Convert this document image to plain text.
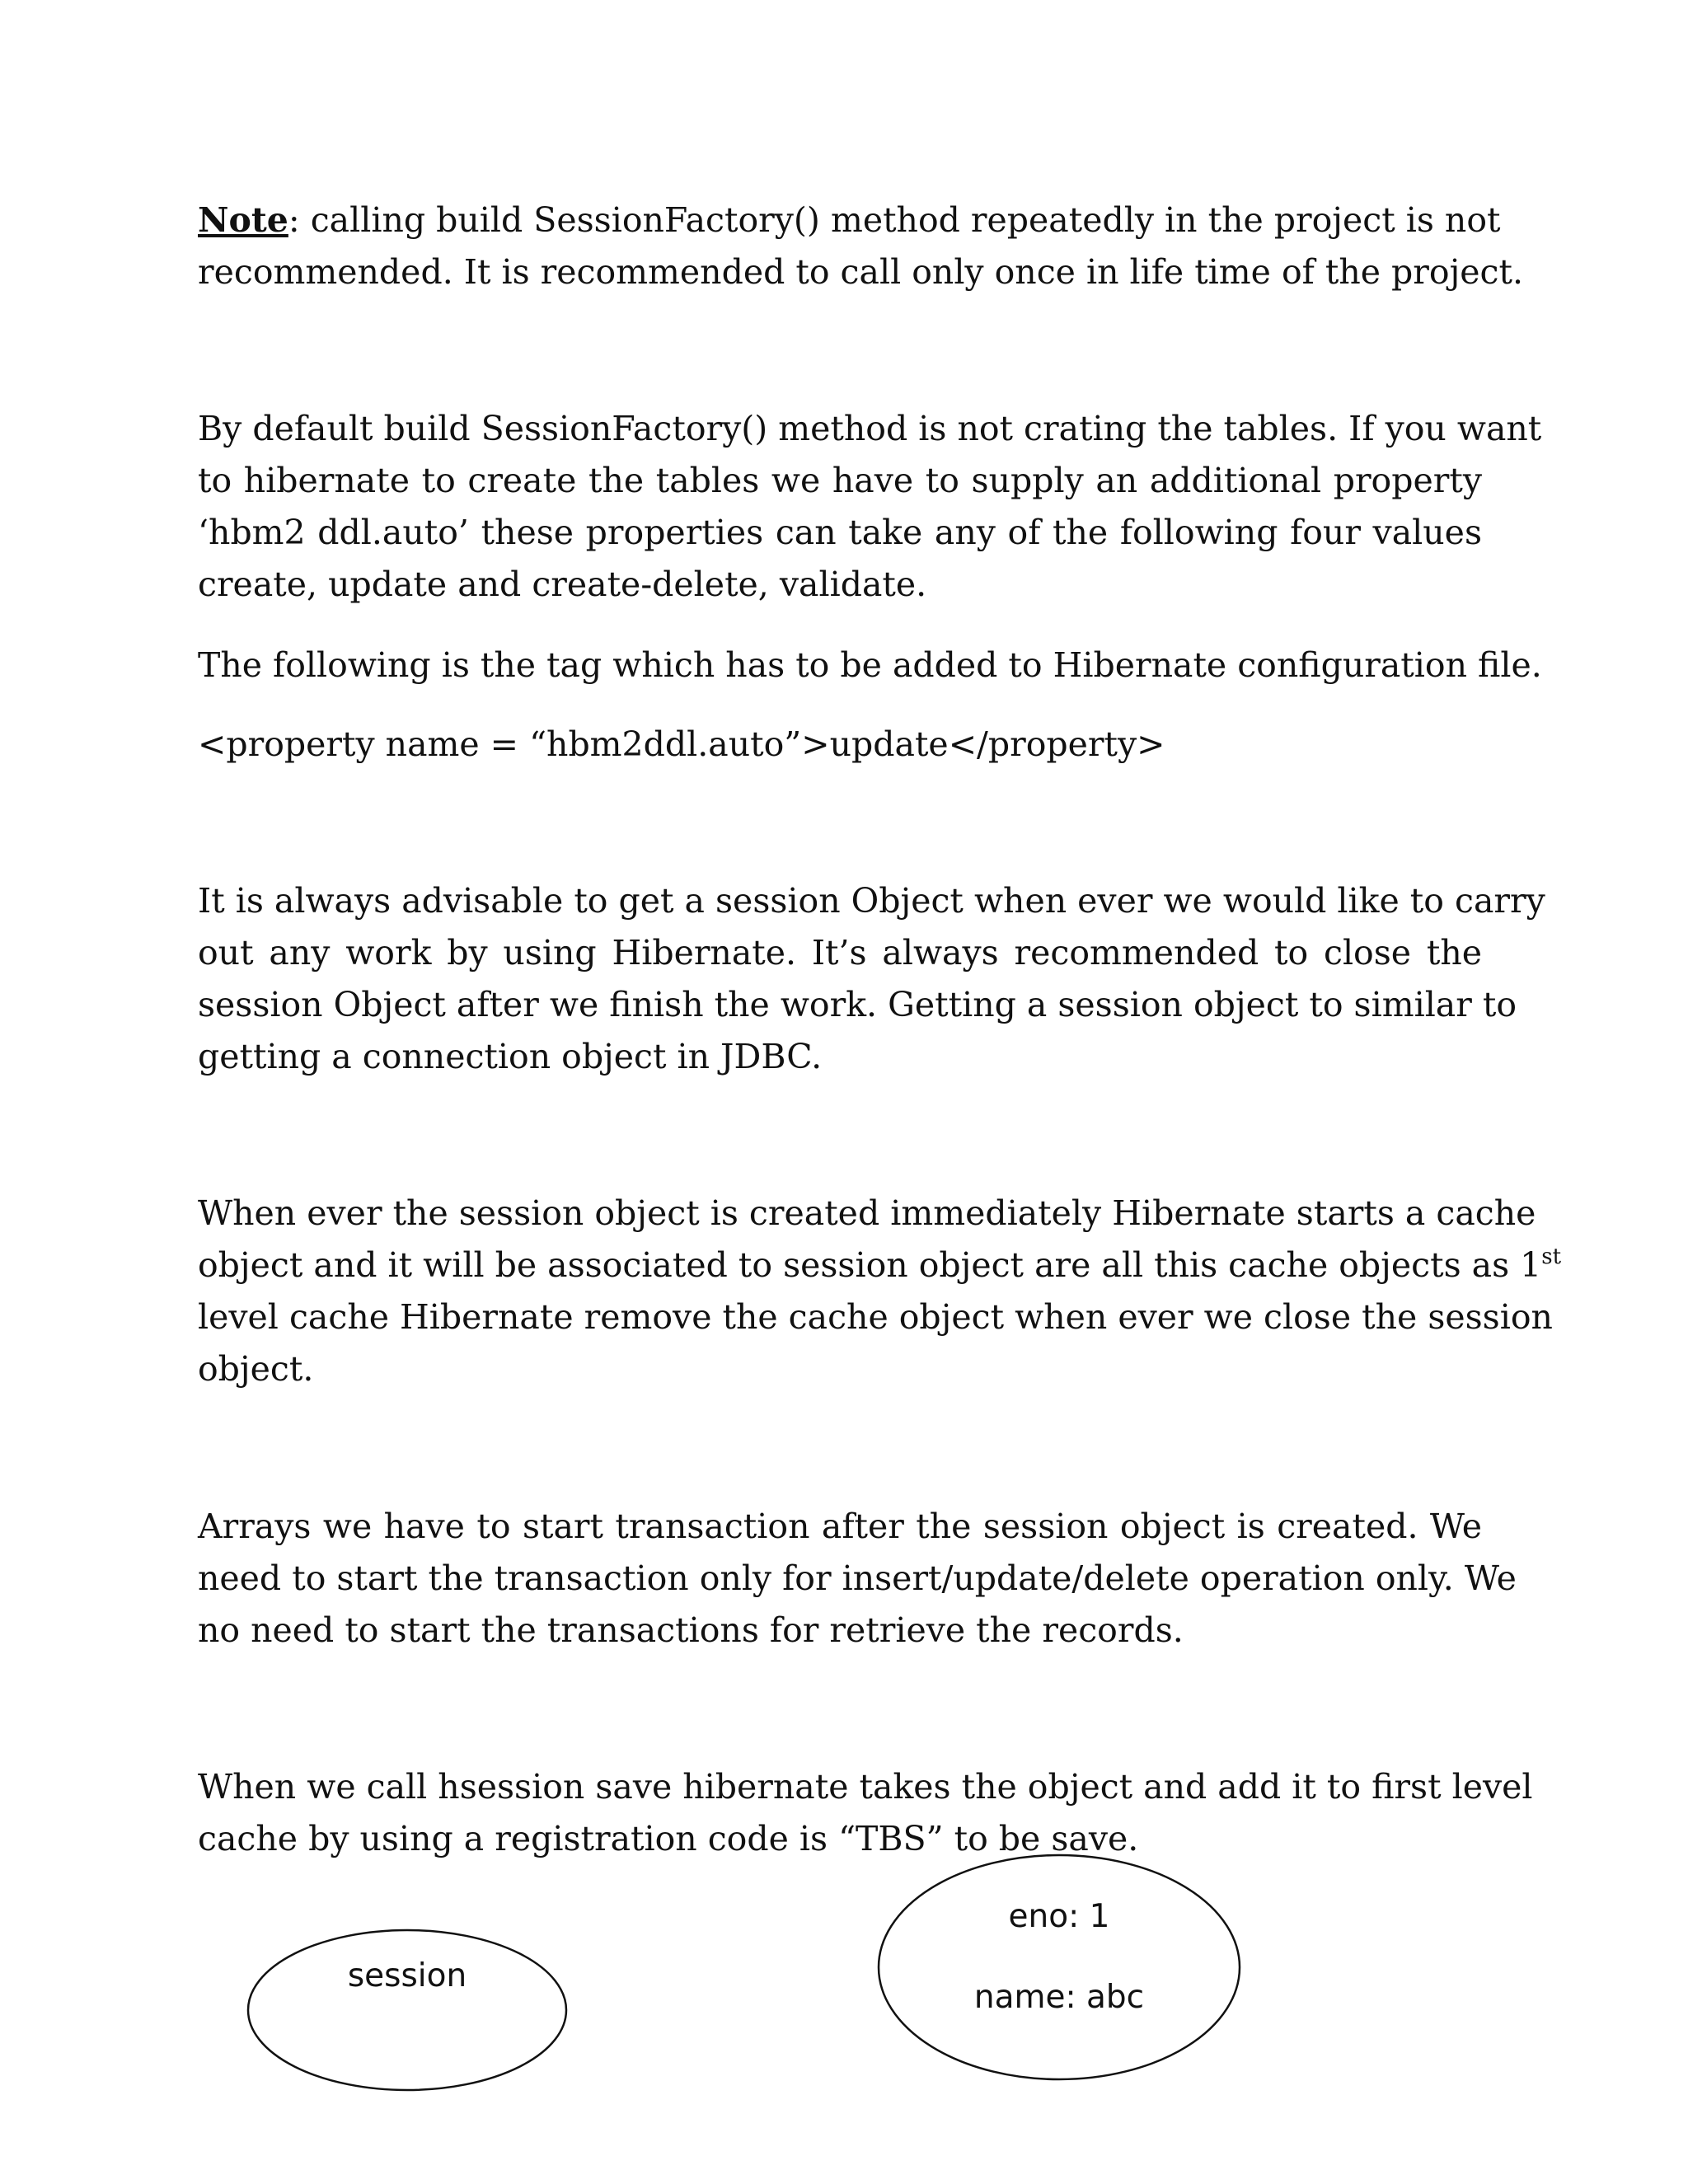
Note: calling build SessionFactory() method repeatedly in the project is not
recommended. It is recommended to call only once in life time of the project.
By default build SessionFactory() method is not crating the tables. If you want
to hibernate to create the tables we have to supply an additional property
‘hbm2 ddl.auto’ these properties can take any of the following four values
create, update and create-delete, validate.
The following is the tag which has to be added to Hibernate configuration file.
<property name = “hbm2ddl.auto”>update</property>
It is always advisable to get a session Object when ever we would like to carry
out any work by using Hibernate. It’s always recommended to close the
session Object after we finish the work. Getting a session object to similar to
getting a connection object in JDBC.
When ever the session object is created immediately Hibernate starts a cache
object and it will be associated to session object are all this cache objects as 1st
level cache Hibernate remove the cache object when ever we close the session
object.
Arrays we have to start transaction after the session object is created. We
need to start the transaction only for insert/update/delete operation only. We
no need to start the transactions for retrieve the records.
When we call hsession save hibernate takes the object and add it to first level
cache by using a registration code is “TBS” to be save.
session
eno: 1
name: abc
